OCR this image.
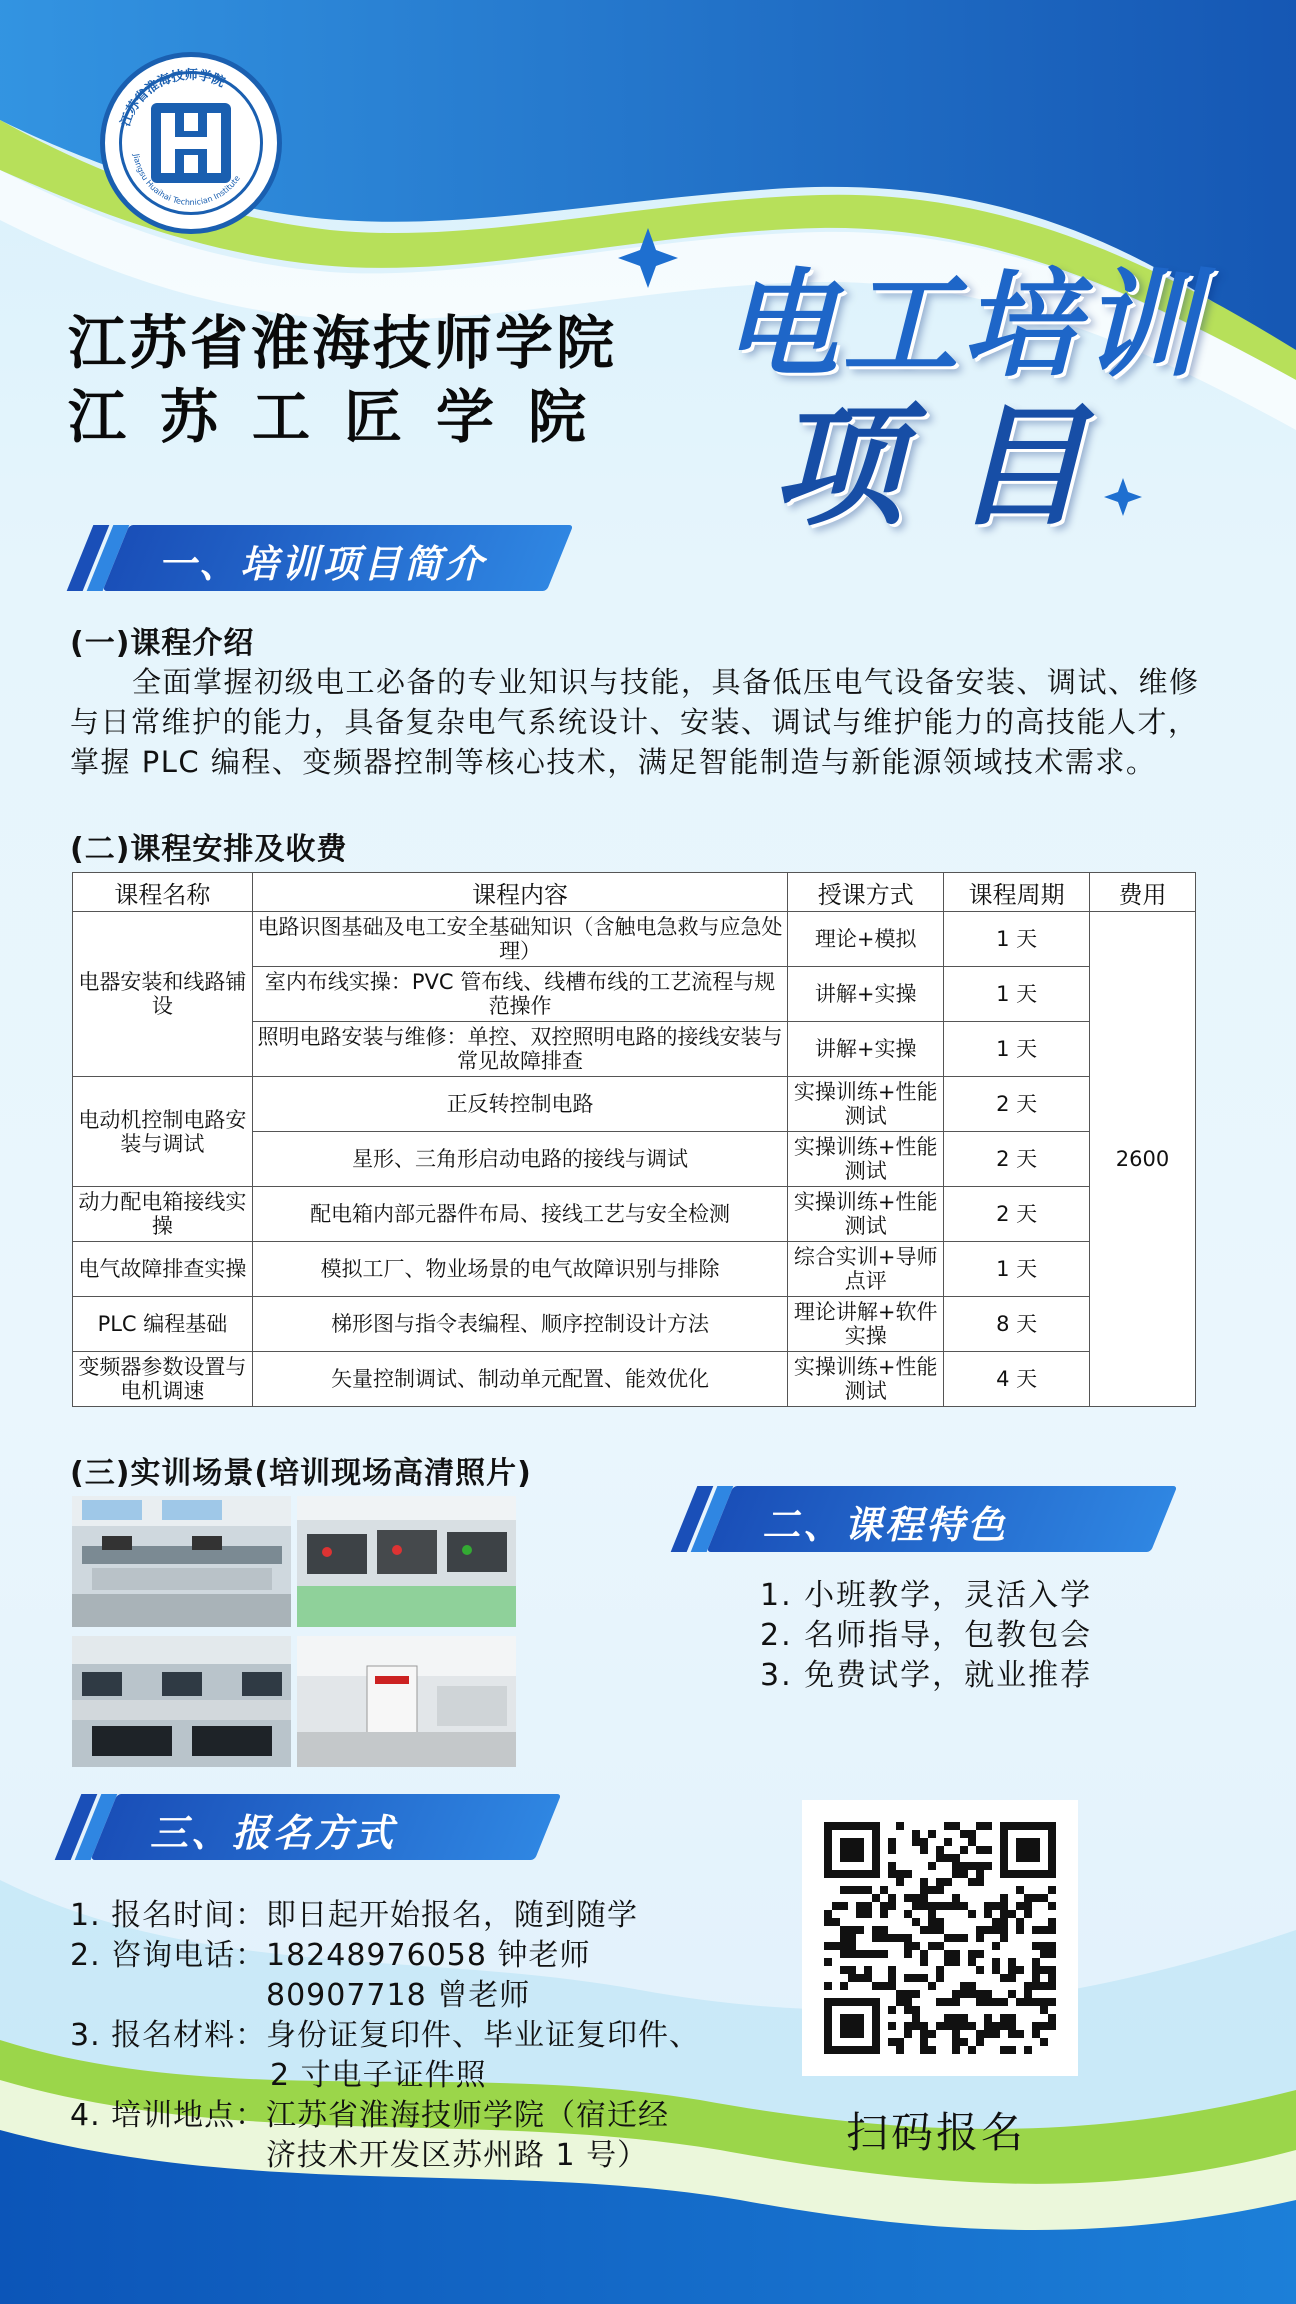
江苏省淮海技师学院
Jiangsu Huaihai Technician Institute
江苏省淮海技师学院
江苏工匠学院
电工培训
项目
一、培训项目简介
(一)课程介绍
全面掌握初级电工必备的专业知识与技能，具备低压电气设备安装、调试、维修与日常维护的能力，具备复杂电气系统设计、安装、调试与维护能力的高技能人才，掌握 PLC 编程、变频器控制等核心技术，满足智能制造与新能源领域技术需求。
(二)课程安排及收费
课程名称	课程内容	授课方式	课程周期	费用
电器安装和线路铺设	电路识图基础及电工安全基础知识（含触电急救与应急处理）	理论+模拟	1 天	2600
	室内布线实操：PVC 管布线、线槽布线的工艺流程与规范操作	讲解+实操	1 天	
	照明电路安装与维修：单控、双控照明电路的接线安装与常见故障排查	讲解+实操	1 天	
电动机控制电路安装与调试	正反转控制电路	实操训练+性能测试	2 天	
	星形、三角形启动电路的接线与调试	实操训练+性能测试	2 天	
动力配电箱接线实操	配电箱内部元器件布局、接线工艺与安全检测	实操训练+性能测试	2 天	
电气故障排查实操	模拟工厂、物业场景的电气故障识别与排除	综合实训+导师点评	1 天	
PLC 编程基础	梯形图与指令表编程、顺序控制设计方法	理论讲解+软件实操	8 天	
变频器参数设置与电机调速	矢量控制调试、制动单元配置、能效优化	实操训练+性能测试	4 天	
(三)实训场景(培训现场高清照片)
二、课程特色
1. 小班教学，灵活入学
2. 名师指导，包教包会
3. 免费试学，就业推荐
三、报名方式
1. 报名时间： 即日起开始报名，随到随学
2. 咨询电话： 18248976058 钟老师
80907718 曾老师
3. 报名材料： 身份证复印件、毕业证复印件、
2 寸电子证件照
4. 培训地点： 江苏省淮海技师学院（宿迁经
济技术开发区苏州路 1 号）	扫码报名
